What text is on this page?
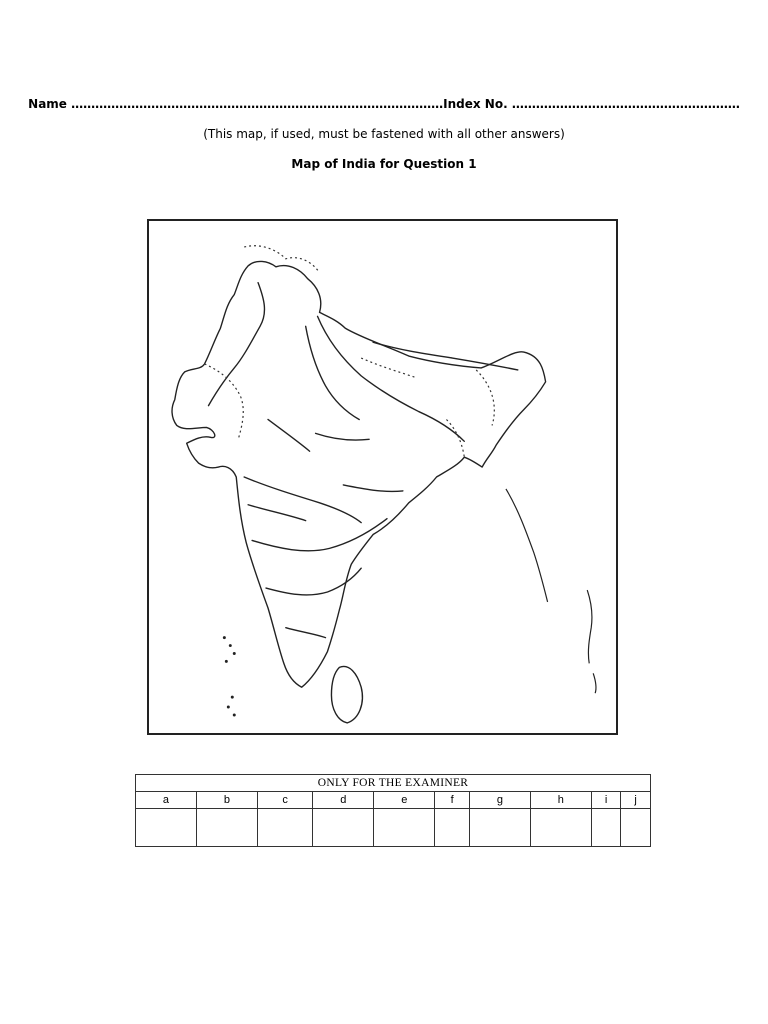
Name …………………………………………………………………………………Index No. …………………………………………………
(This map, if used, must be fastened with all other answers)
Map of India for Question 1
ONLY FOR THE EXAMINER									
a	b	c	d	e	f	g	h	i	j
